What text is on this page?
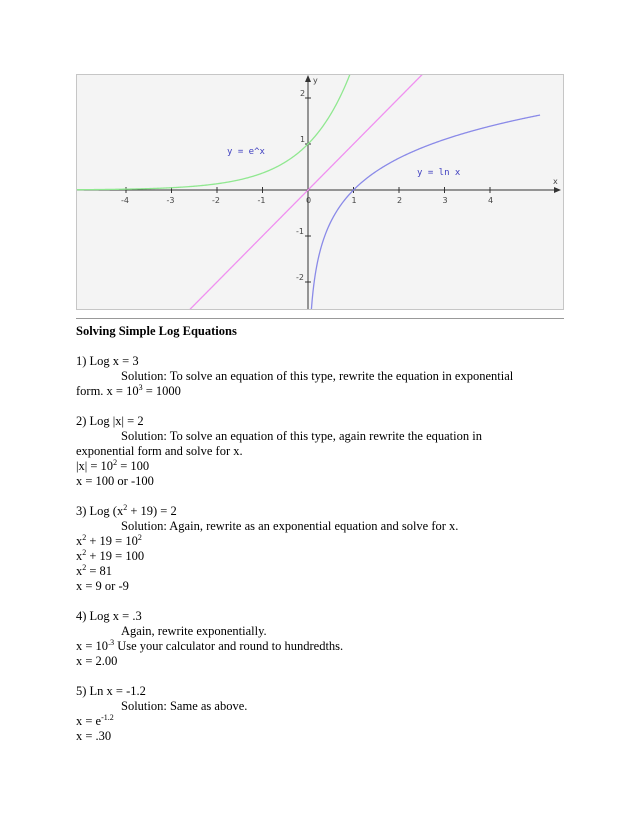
x
y
-4	-3	-2	-1	0	1	2	3	4
1
2
-1
-2
y = e^x
y = ln x
Solving Simple Log Equations
1) Log x = 3
Solution: To solve an equation of this type, rewrite the equation in exponential
form. $x = 10^3 = 1000$
2) Log |x| = 2
Solution: To solve an equation of this type, again rewrite the equation in
exponential form and solve for x.
$|x| = 10^2 = 100$
x = 100 or -100
3) Log $(x^2 + 19) = 2$
Solution: Again, rewrite as an exponential equation and solve for x.
$x^2 + 19 = 10^2$
$x^2 + 19 = 100$
$x^2 = 81$
x = 9 or -9
4) Log x = .3
Again, rewrite exponentially.
$x = 10^{.3}$ Use your calculator and round to hundredths.
x = 2.00
5) Ln x = -1.2
Solution: Same as above.
$x = e^{-1.2}$
x = .30
